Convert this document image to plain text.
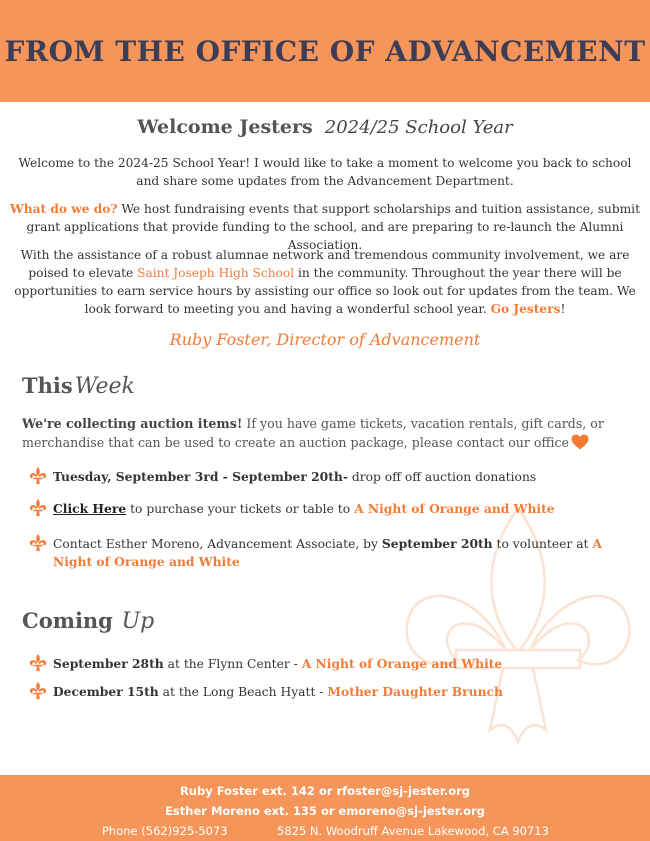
FROM THE OFFICE OF ADVANCEMENT
Welcome Jesters 2024/25 School Year

Welcome to the 2024-25 School Year! I would like to take a moment to welcome you back to school and share some updates from the Advancement Department.

What do we do? We host fundraising events that support scholarships and tuition assistance, submit grant applications that provide funding to the school, and are preparing to re-launch the Alumni Association.

With the assistance of a robust alumnae network and tremendous community involvement, we are poised to elevate Saint Joseph High School in the community. Throughout the year there will be opportunities to earn service hours by assisting our office so look out for updates from the team. We look forward to meeting you and having a wonderful school year. Go Jesters!

Ruby Foster, Director of Advancement
ThisWeek

We're collecting auction items! If you have game tickets, vacation rentals, gift cards, or merchandise that can be used to create an auction package, please contact our office

Tuesday, September 3rd - September 20th- drop off off auction donations
Click Here to purchase your tickets or table to A Night of Orange and White
Contact Esther Moreno, Advancement Associate, by September 20th to volunteer at A Night of Orange and White
Coming Up
September 28th at the Flynn Center - A Night of Orange and White
December 15th at the Long Beach Hyatt - Mother Daughter Brunch
Ruby Foster ext. 142 or rfoster@sj-jester.org
Esther Moreno ext. 135 or emoreno@sj-jester.org
Phone (562)925-5073	5825 N. Woodruff Avenue Lakewood, CA 90713
